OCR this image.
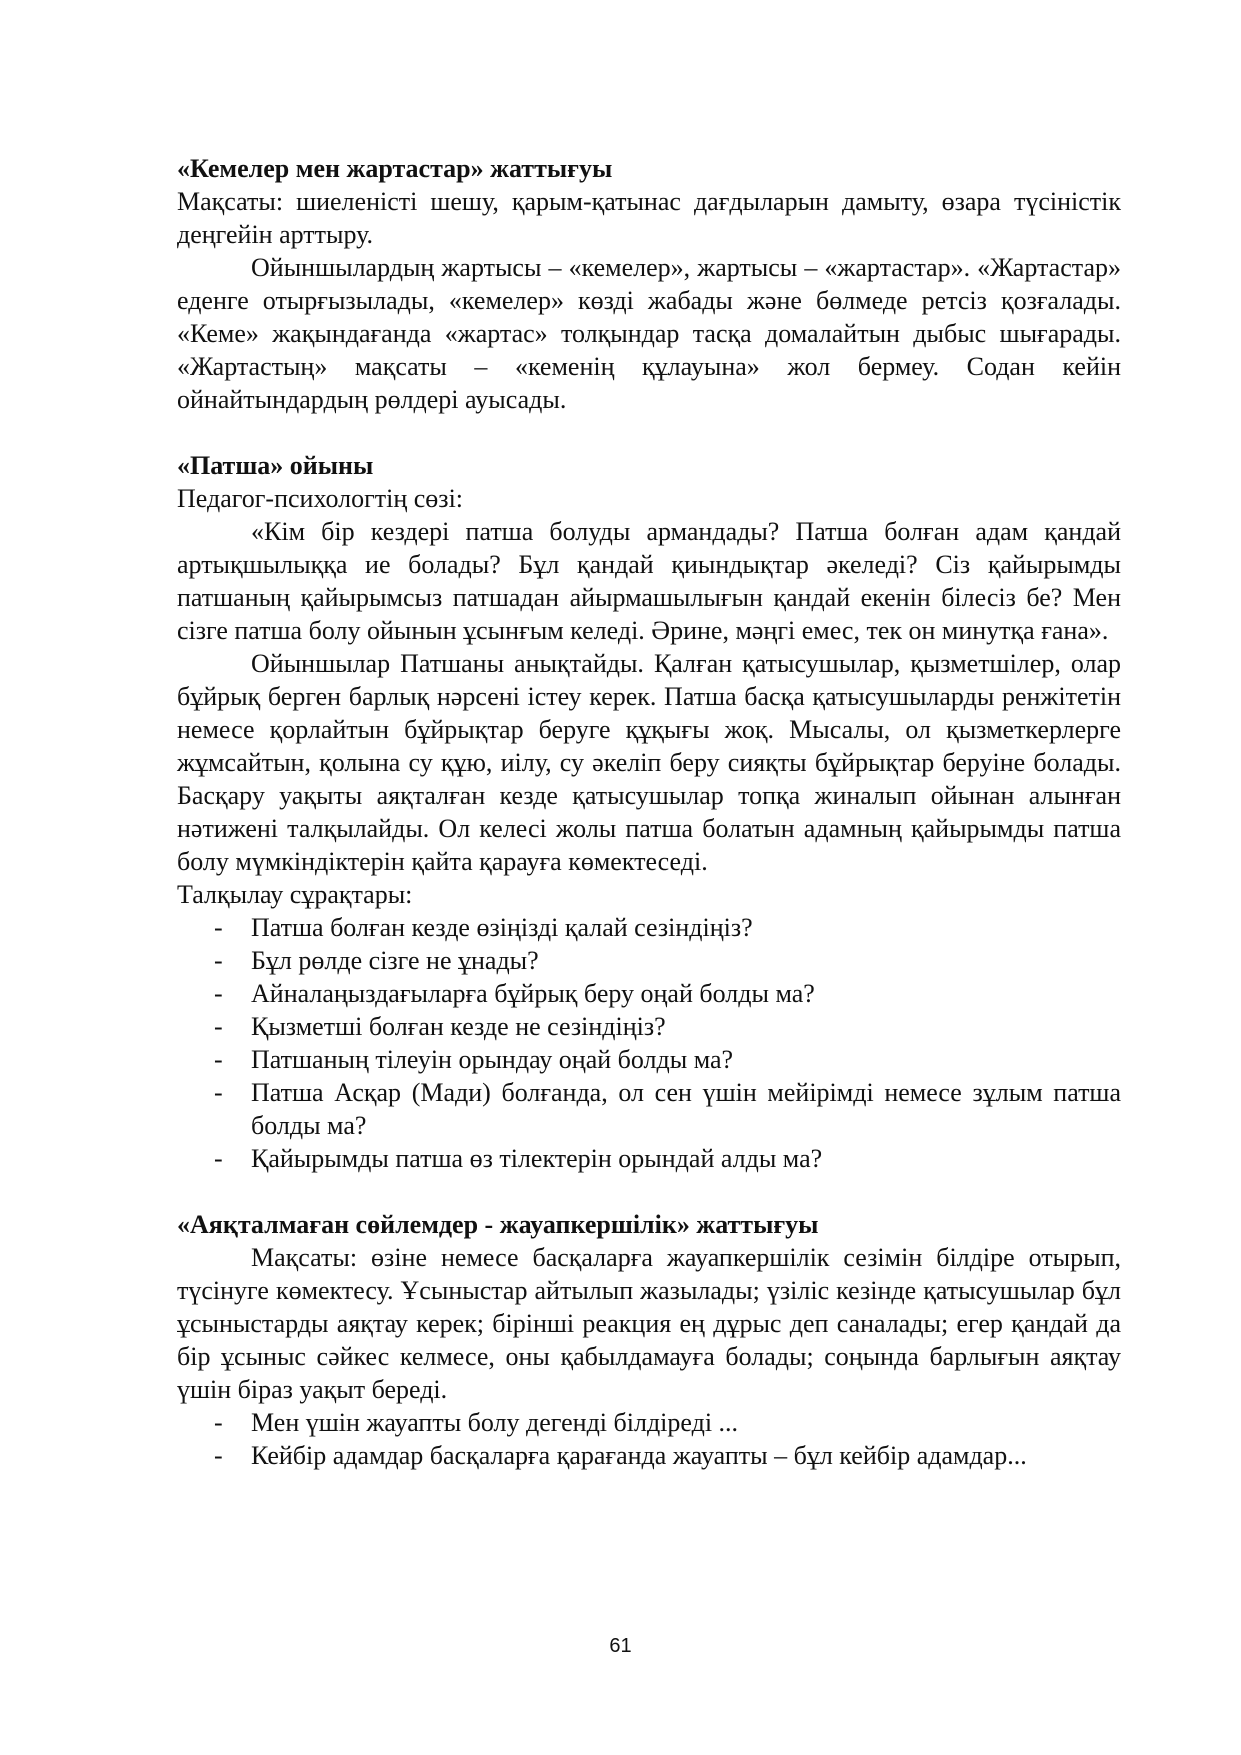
«Кемелер мен жартастар» жаттығуы

Мақсаты: шиеленісті шешу, қарым-қатынас дағдыларын дамыту, өзара түсіністік деңгейін арттыру.

Ойыншылардың жартысы – «кемелер», жартысы – «жартастар». «Жартастар» еденге отырғызылады, «кемелер» көзді жабады және бөлмеде ретсіз қозғалады. «Кеме» жақындағанда «жартас» толқындар тасқа домалайтын дыбыс шығарады. «Жартастың» мақсаты – «кеменің құлауына» жол бермеу. Содан кейін ойнайтындардың рөлдері ауысады.

«Патша» ойыны

Педагог-психологтің сөзі:

«Кім бір кездері патша болуды армандады? Патша болған адам қандай артықшылыққа ие болады? Бұл қандай қиындықтар әкеледі? Сіз қайырымды патшаның қайырымсыз патшадан айырмашылығын қандай екенін білесіз бе? Мен сізге патша болу ойынын ұсынғым келеді. Әрине, мәңгі емес, тек он минутқа ғана».

Ойыншылар Патшаны анықтайды. Қалған қатысушылар, қызметшілер, олар бұйрық берген барлық нәрсені істеу керек. Патша басқа қатысушыларды ренжітетін немесе қорлайтын бұйрықтар беруге құқығы жоқ. Мысалы, ол қызметкерлерге жұмсайтын, қолына су құю, иілу, су әкеліп беру сияқты бұйрықтар беруіне болады. Басқару уақыты аяқталған кезде қатысушылар топқа жиналып ойынан алынған нәтижені талқылайды. Ол келесі жолы патша болатын адамның қайырымды патша болу мүмкіндіктерін қайта қарауға көмектеседі.

Талқылау сұрақтары:

- Патша болған кезде өзіңізді қалай сезіндіңіз?
- Бұл рөлде сізге не ұнады?
- Айналаңыздағыларға бұйрық беру оңай болды ма?
- Қызметші болған кезде не сезіндіңіз?
- Патшаның тілеуін орындау оңай болды ма?
- Патша Асқар (Мади) болғанда, ол сен үшін мейірімді немесе зұлым патша болды ма?
- Қайырымды патша өз тілектерін орындай алды ма?

«Аяқталмаған сөйлемдер - жауапкершілік» жаттығуы

Мақсаты: өзіне немесе басқаларға жауапкершілік сезімін білдіре отырып, түсінуге көмектесу. Ұсыныстар айтылып жазылады; үзіліс кезінде қатысушылар бұл ұсыныстарды аяқтау керек; бірінші реакция ең дұрыс деп саналады; егер қандай да бір ұсыныс сәйкес келмесе, оны қабылдамауға болады; соңында барлығын аяқтау үшін біраз уақыт береді.

- Мен үшін жауапты болу дегенді білдіреді ...
- Кейбір адамдар басқаларға қарағанда жауапты – бұл кейбір адамдар...
61
